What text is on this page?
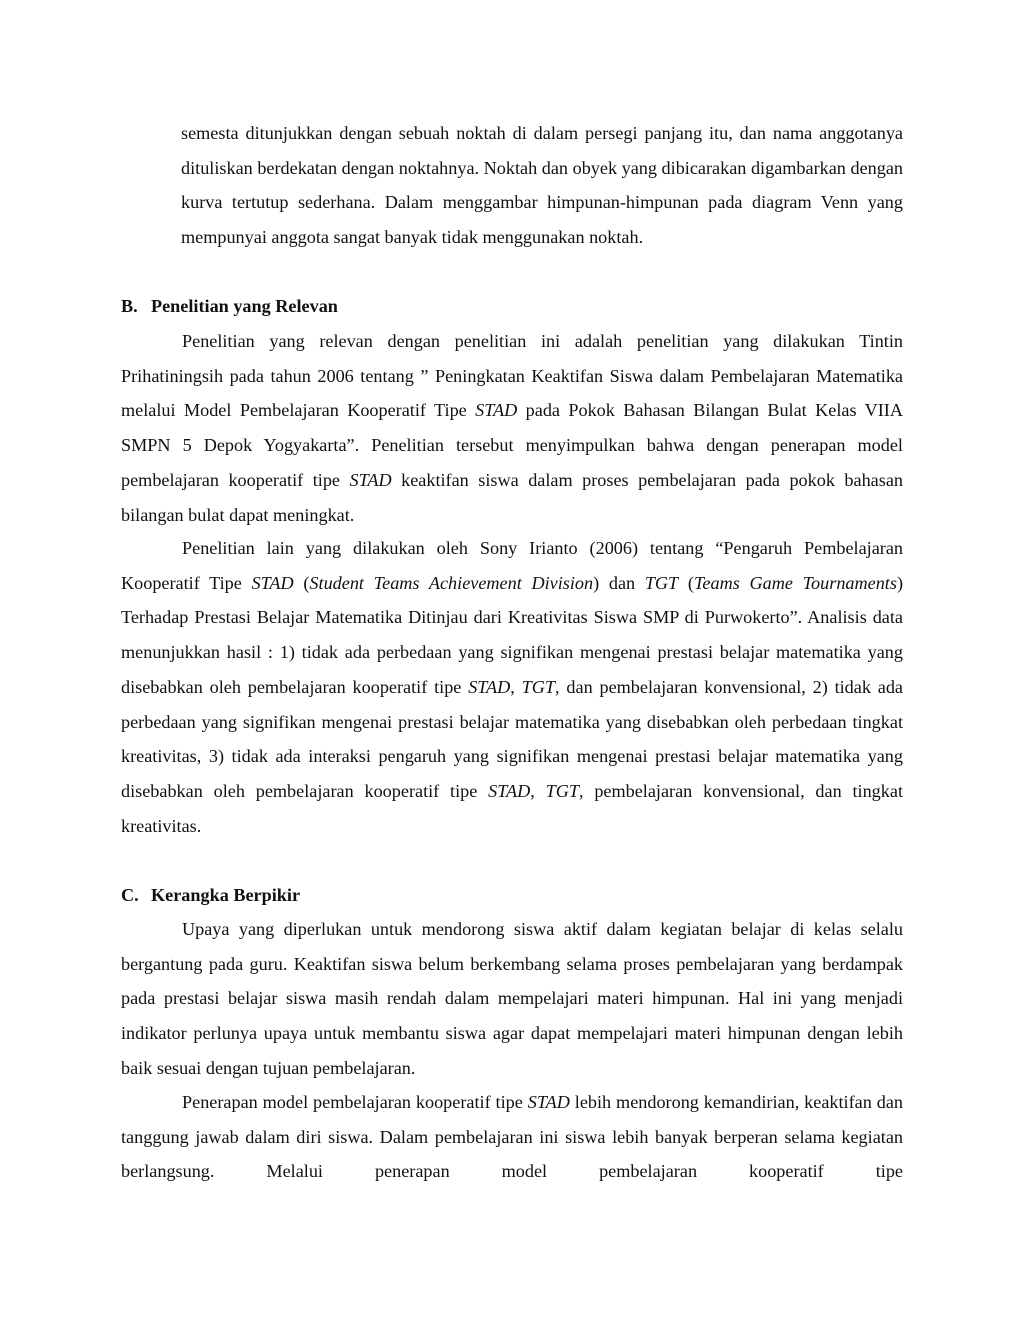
semesta ditunjukkan dengan sebuah noktah di dalam persegi panjang itu, dan nama anggotanya dituliskan berdekatan dengan noktahnya. Noktah dan obyek yang dibicarakan digambarkan dengan kurva tertutup sederhana. Dalam menggambar himpunan-himpunan pada diagram Venn yang mempunyai anggota sangat banyak tidak menggunakan noktah.

B. Penelitian yang Relevan

Penelitian yang relevan dengan penelitian ini adalah penelitian yang dilakukan Tintin Prihatiningsih pada tahun 2006 tentang ” Peningkatan Keaktifan Siswa dalam Pembelajaran Matematika melalui Model Pembelajaran Kooperatif Tipe STAD pada Pokok Bahasan Bilangan Bulat Kelas VIIA SMPN 5 Depok Yogyakarta”. Penelitian tersebut menyimpulkan bahwa dengan penerapan model pembelajaran kooperatif tipe STAD keaktifan siswa dalam proses pembelajaran pada pokok bahasan bilangan bulat dapat meningkat.

Penelitian lain yang dilakukan oleh Sony Irianto (2006) tentang “Pengaruh Pembelajaran Kooperatif Tipe STAD (Student Teams Achievement Division) dan TGT (Teams Game Tournaments) Terhadap Prestasi Belajar Matematika Ditinjau dari Kreativitas Siswa SMP di Purwokerto”. Analisis data menunjukkan hasil : 1) tidak ada perbedaan yang signifikan mengenai prestasi belajar matematika yang disebabkan oleh pembelajaran kooperatif tipe STAD, TGT, dan pembelajaran konvensional, 2) tidak ada perbedaan yang signifikan mengenai prestasi belajar matematika yang disebabkan oleh perbedaan tingkat kreativitas, 3) tidak ada interaksi pengaruh yang signifikan mengenai prestasi belajar matematika yang disebabkan oleh pembelajaran kooperatif tipe STAD, TGT, pembelajaran konvensional, dan tingkat kreativitas.

C. Kerangka Berpikir

Upaya yang diperlukan untuk mendorong siswa aktif dalam kegiatan belajar di kelas selalu bergantung pada guru. Keaktifan siswa belum berkembang selama proses pembelajaran yang berdampak pada prestasi belajar siswa masih rendah dalam mempelajari materi himpunan. Hal ini yang menjadi indikator perlunya upaya untuk membantu siswa agar dapat mempelajari materi himpunan dengan lebih baik sesuai dengan tujuan pembelajaran.

Penerapan model pembelajaran kooperatif tipe STAD lebih mendorong kemandirian, keaktifan dan tanggung jawab dalam diri siswa. Dalam pembelajaran ini siswa lebih banyak berperan selama kegiatan berlangsung. Melalui penerapan model pembelajaran kooperatif tipe
